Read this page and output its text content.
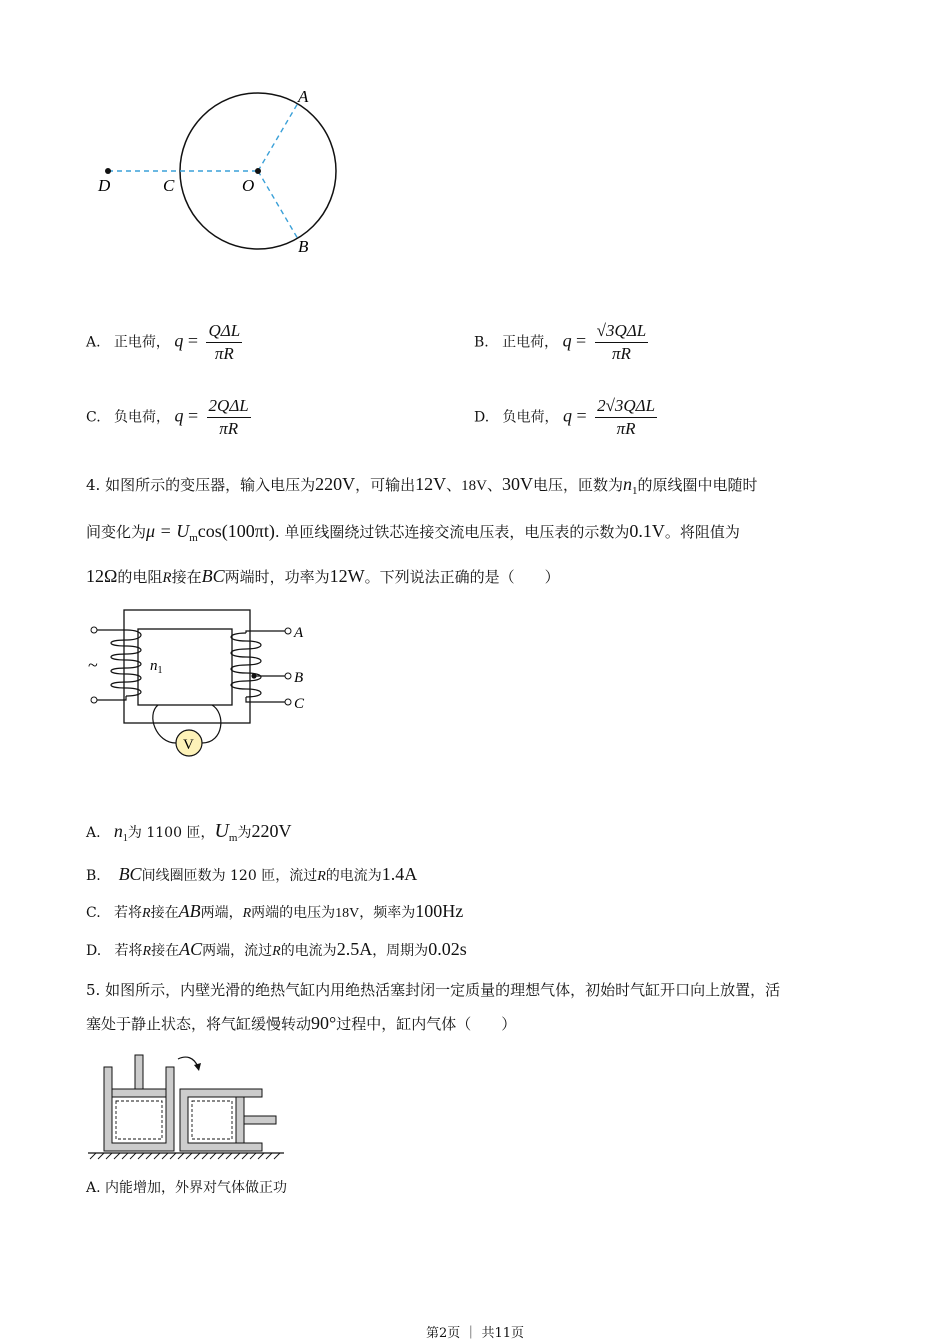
A
B
C
D	O
A. 正电荷， $q = \frac{\text{QΔL}}{\pi R}$	B. 正电荷， $q = \frac{\text{√3QΔL}}{\pi R}$
C. 负电荷， $q = \frac{\text{2QΔL}}{\pi R}$	D. 负电荷， $q = \frac{\text{2√3QΔL}}{\pi R}$
4. 如图所示的变压器，输入电压为220V，可输出12V、18V、30V电压，匝数为$n_1$的原线圈中电随时
间变化为$\mu = U_m\cos(100\pi t)$. 单匝线圈绕过铁芯连接交流电压表，电压表的示数为0.1V。将阻值为
12Ω的电阻R接在BC两端时，功率为12W。下列说法正确的是（　　）
~	$n_1$
A
B
C
V
A. $n_1$为 1100 匝，$U_m$为220V
B. BC间线圈匝数为 120 匝，流过R的电流为1.4A
C. 若将R接在AB两端，R两端的电压为18V，频率为100Hz
D. 若将R接在AC两端，流过R的电流为2.5A，周期为0.02s
5. 如图所示，内壁光滑的绝热气缸内用绝热活塞封闭一定质量的理想气体，初始时气缸开口向上放置，活
塞处于静止状态，将气缸缓慢转动90°过程中，缸内气体（　　）
A. 内能增加，外界对气体做正功
第2页 ｜ 共11页
